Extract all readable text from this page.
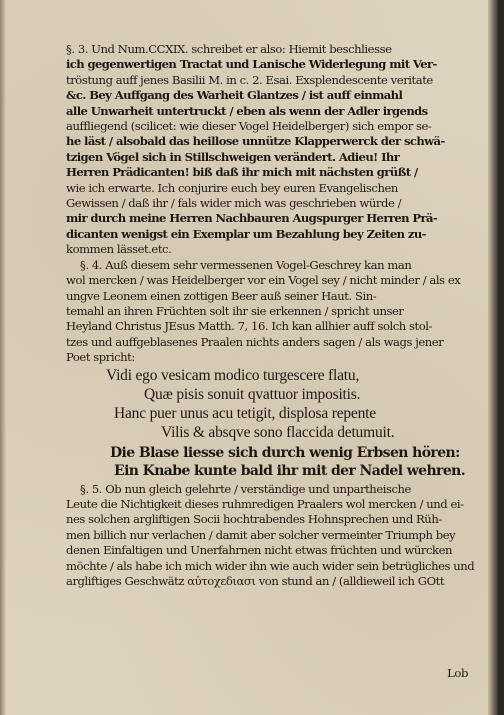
§. 3. Und Num.CCXIX. schreibet er also: Hiemit beschliesse
ich gegenwertigen Tractat und Lanische Widerlegung mit Ver-
tröstung auff jenes Basilii M. in c. 2. Esai. Exsplendescente veritate
&c. Bey Auffgang des Warheit Glantzes / ist auff einmahl
alle Unwarheit untertruckt / eben als wenn der Adler irgends
auffliegend (scilicet: wie dieser Vogel Heidelberger) sich empor se-
he läst / alsobald das heillose unnütze Klapperwerck der schwä-
tzigen Vögel sich in Stillschweigen verändert. Adieu! Ihr
Herren Prädicanten! biß daß ihr mich mit nächsten grüßt /
wie ich erwarte. Ich conjurire euch bey euren Evangelischen
Gewissen / daß ihr / fals wider mich was geschrieben würde /
mir durch meine Herren Nachbauren Augspurger Herren Prä-
dicanten wenigst ein Exemplar um Bezahlung bey Zeiten zu-
kommen lässet.etc.
§. 4. Auß diesem sehr vermessenen Vogel-Geschrey kan man
wol mercken / was Heidelberger vor ein Vogel sey / nicht minder / als ex
ungve Leonem einen zottigen Beer auß seiner Haut. Sin-
temahl an ihren Früchten solt ihr sie erkennen / spricht unser
Heyland Christus JEsus Matth. 7, 16. Ich kan allhier auff solch stol-
tzes und auffgeblasenes Praalen nichts anders sagen / als wags jener
Poet spricht:
Vidi ego vesicam modico turgescere flatu,
Quæ pisis sonuit qvattuor impositis.
Hanc puer unus acu tetigit, displosa repente
Vilis & absqve sono flaccida detumuit.
Die Blase liesse sich durch wenig Erbsen hören:
Ein Knabe kunte bald ihr mit der Nadel wehren.
§. 5. Ob nun gleich gelehrte / verständige und unpartheische
Leute die Nichtigkeit dieses ruhmredigen Praalers wol mercken / und ei-
nes solchen argliftigen Socii hochtrabendes Hohnsprechen und Rüh-
men billich nur verlachen / damit aber solcher vermeinter Triumph bey
denen Einfaltigen und Unerfahrnen nicht etwas früchten und würcken
möchte / als habe ich mich wider ihn wie auch wider sein betrügliches und
argliftiges Geschwätz αὐτοχεδιασι von stund an / (alldieweil ich GOtt
Lob
